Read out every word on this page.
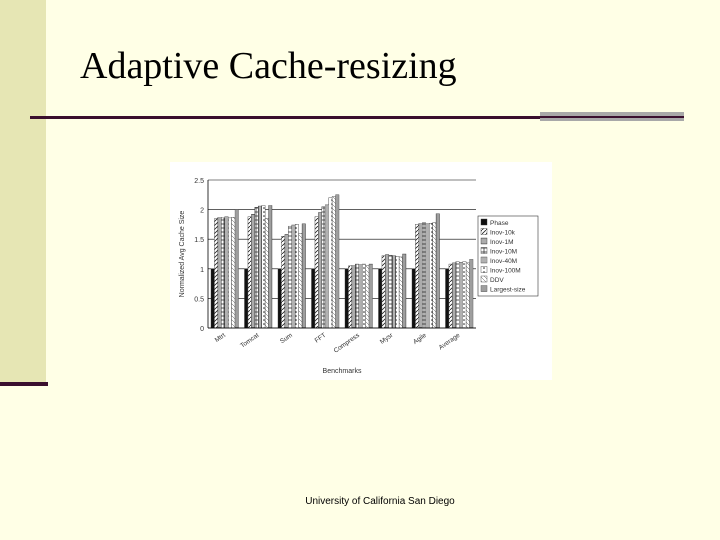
Adaptive Cache-resizing
0
0.5
1
1.5
2
2.5
Mtrt Tomcat	Sum	FFT Compress	Mysr	Agile Average
Normalized Avg Cache Size
Benchmarks
Phase
Inov-10k
Inov-1M
Inov-10M
Inov-40M
Inov-100M
DDV
Largest-size
University of California San Diego
